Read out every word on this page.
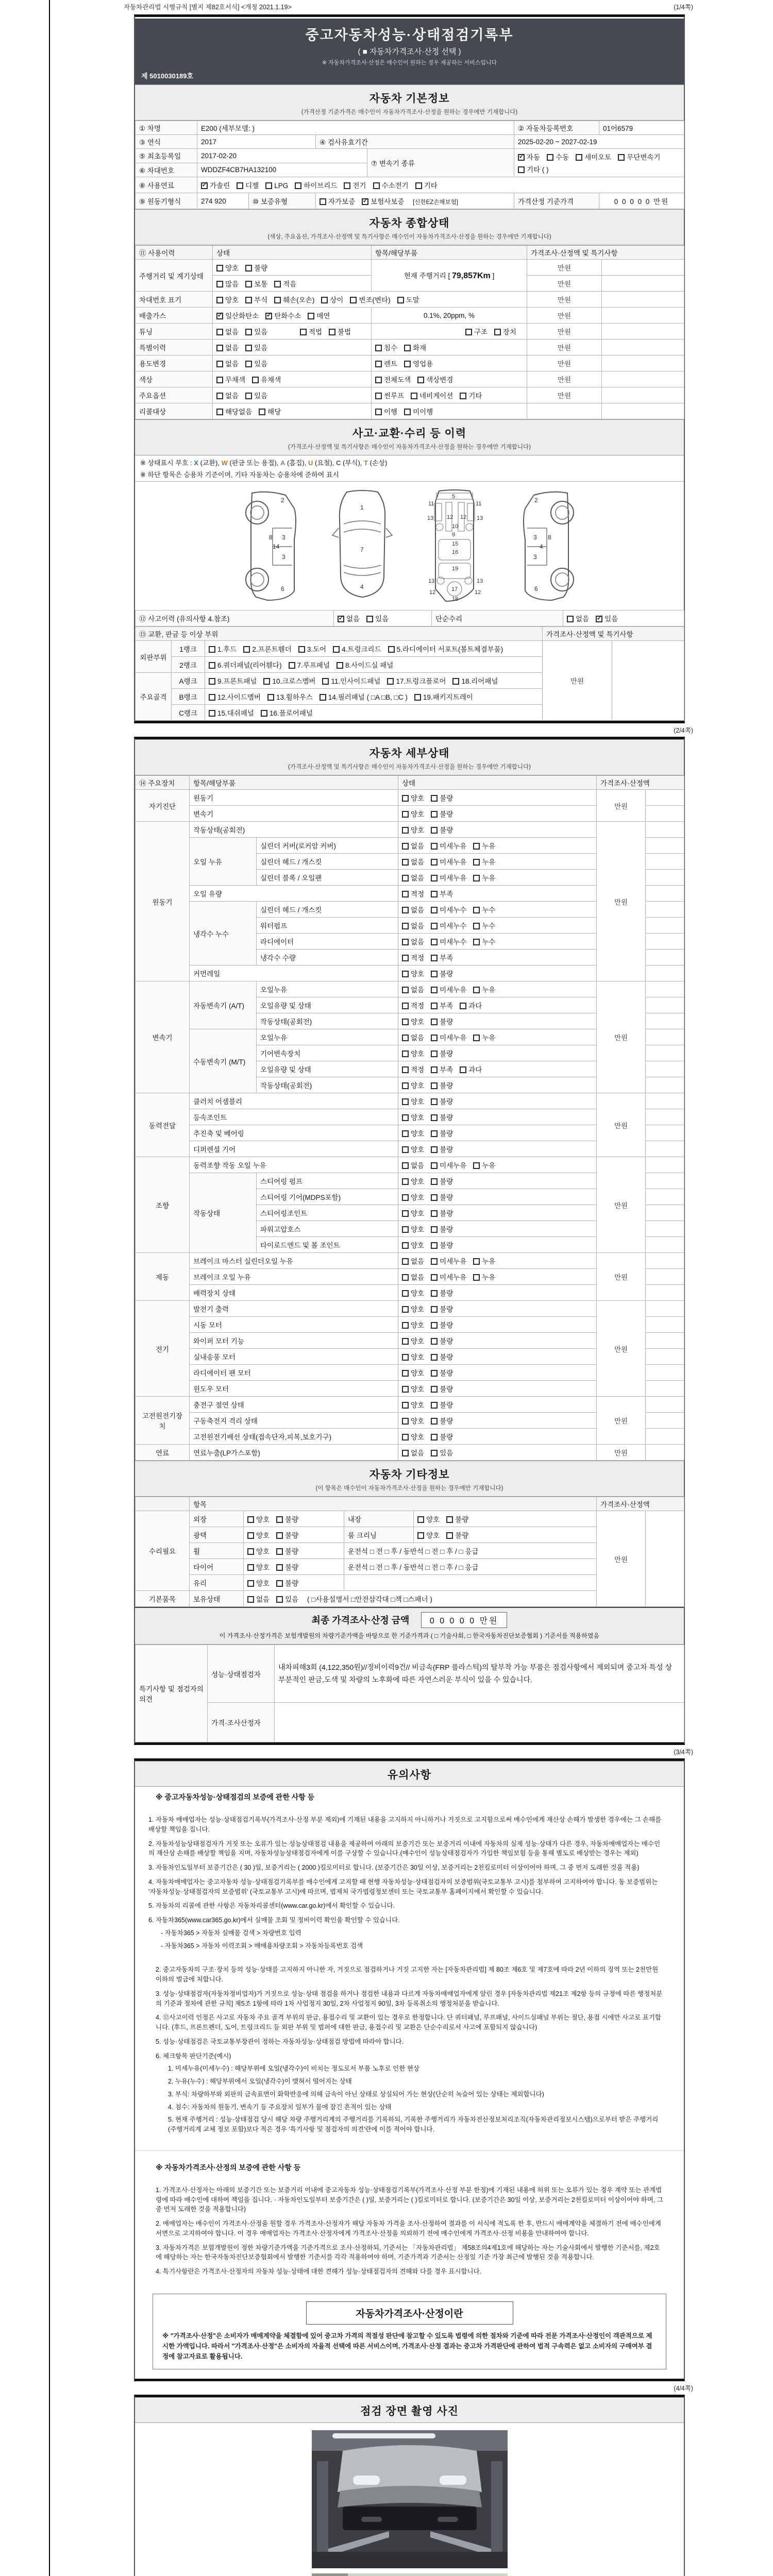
자동차관리법 시행규칙 [별지 제82호서식] <개정 2021.1.19>	(1/4쪽)
중고자동차성능·상태점검기록부
( ■ 자동차가격조사·산정 선택 )
※ 자동차가격조사·산정은 매수인이 원하는 경우 제공하는 서비스입니다
제 5010030189호
자동차 기본정보
(가격산정 기준가격은 매수인이 자동차가격조사·산정을 원하는 경우에만 기재합니다)
① 차명	E200 (세부모델: )				② 자동차등록번호	01어6579
③ 연식	2017		④ 검사유효기간		2025-02-20 ~ 2027-02-19	
⑤ 최초등록일	2017-02-20			⑦ 변속기 종류	✓자동 수동 세미오토 무단변속기기타 ( )
⑥ 차대번호	WDDZF4CB7HA132100					
⑧ 사용연료	✓가솔린 디젤 LPG 하이브리드 전기 수소전기 기타
⑨ 원동기형식	274 920	⑩ 보증유형	자가보증 ✓ 보험사보증 [신한EZ손해보험]		가격산정 기준가격	0 0 0 0 0 만원
자동차 종합상태
(색상, 주요옵션, 가격조사·산정액 및 특기사항은 매수인이 자동차가격조사·산정을 원하는 경우에만 기재합니다)
⑪ 사용이력	상태	항목/해당부품	가격조사·산정액 및 특기사항	
주행거리 및 계기상태	양호 불량	현재 주행거리 [ 79,857Km ]	만원	
	많음 보통 적음		만원	
차대번호 표기	양호 부식 훼손(오손) 상이 변조(변타) 도말		만원	
배출가스	✓일산화탄소 ✓ 탄화수소 매연	0.1%, 20ppm, %	만원	
튜닝	없음 있음 적법 불법	구조 장치	만원	
특별이력	없음 있음	침수 화재	만원	
용도변경	없음 있음	렌트 영업용	만원	
색상	무채색 유채색	전체도색 색상변경	만원	
주요옵션	없음 있음	썬루프 네비게이션 기타	만원	
리콜대상	해당없음 해당	이행 미이행		
사고·교환·수리 등 이력
(가격조사·산정액 및 특기사항은 매수인이 자동차가격조사·산정을 원하는 경우에만 기재합니다)
※ 상태표시 부호 : X (교환), W (판금 또는 용접), A (흠집), U (요철), C (부식), T (손상)
※ 하단 항목은 승용차 기준이며, 기타 자동차는 승용차에 준하여 표시
2
8 3
3
14
6
1
7
4
5
11	11
13	13
12 12
9
15
16
19
13	13
12	12
17
18
10
2
8
3
3
4
6
⑫ 사고이력 (유의사항 4.참조)	✓없음 있음	단순수리	없음 ✓ 있음
⑬ 교환, 판금 등 이상 부위			가격조사·산정액 및 특기사항	
외판부위	1랭크	1.후드 2.프론트휀더 3.도어 4.트렁크리드 5.라디에이터 서포트(볼트체결부품)	만원	
	2랭크	6.쿼더패널(리어휀다) 7.루프패널 8.사이드실 패널		
주요골격	A랭크	9.프론트패널 10.크로스멤버 11.인사이드패널 17.트렁크플로어 18.리어패널		
	B랭크	12.사이드멤버 13.휠하우스 14.필러패널 ( □A □B, □C ) 19.패키지트레이		
	C랭크	15.대쉬패널 16.플로어패널		
(2/4쪽)
자동차 세부상태
(가격조사·산정액 및 특기사항은 매수인이 자동차가격조사·산정을 원하는 경우에만 기재합니다)
⑭ 주요장치	항목/해당부품		상태	가격조사·산정액	
자기진단	원동기		양호 불량	만원	
	변속기		양호 불량		
원동기	작동상태(공회전)		양호 불량	만원	
	오일 누유	실린더 커버(로커암 커버)	없음 미세누유 누유		
		실린더 헤드 / 개스킷	없음 미세누유 누유		
		실린더 블록 / 오일팬	없음 미세누유 누유		
	오일 유량		적정 부족		
	냉각수 누수	실린더 헤드 / 개스킷	없음 미세누수 누수		
		워터펌프	없음 미세누수 누수		
		라디에이터	없음 미세누수 누수		
		냉각수 수량	적정 부족		
	커먼레일		양호 불량		
변속기	자동변속기 (A/T)	오일누유	없음 미세누유 누유	만원	
		오일유량 및 상태	적정 부족 과다		
		작동상태(공회전)	양호 불량		
	수동변속기 (M/T)	오일누유	없음 미세누유 누유		
		기어변속장치	양호 불량		
		오일유량 및 상태	적정 부족 과다		
		작동상태(공회전)	양호 불량		
동력전달	클러치 어셈블리		양호 불량	만원	
	등속조인트		양호 불량		
	추진축 및 베어링		양호 불량		
	디퍼렌셜 기어		양호 불량		
조향	동력조향 작동 오일 누유		없음 미세누유 누유	만원	
	작동상태	스티어링 펌프	양호 불량		
		스티어링 기어(MDPS포함)	양호 불량		
		스티어링조인트	양호 불량		
		파워고압호스	양호 불량		
		타이로드엔드 및 볼 조인트	양호 불량		
제동	브레이크 마스터 실린더오일 누유		없음 미세누유 누유	만원	
	브레이크 오일 누유		없음 미세누유 누유		
	배력장치 상태		양호 불량		
전기	발전기 출력		양호 불량	만원	
	시동 모터		양호 불량		
	와이퍼 모터 기능		양호 불량		
	실내송풍 모터		양호 불량		
	라디에이터 팬 모터		양호 불량		
	윈도우 모터		양호 불량		
고전원전기장치	충전구 절연 상태		양호 불량	만원	
	구동축전지 격리 상태		양호 불량		
	고전원전기배선 상태(접속단자,피복,보호기구)		양호 불량		
연료	연료누출(LP가스포함)		없음 있음	만원	
자동차 기타정보
(이 항목은 매수인이 자동차가격조사·산정을 원하는 경우에만 기재합니다)
	항목				가격조사·산정액	
수리필요	외장	양호 불량	내장	양호 불량	만원	
	광택	양호 불량	룸 크리닝	양호 불량		
	휠	양호 불량	운전석 □ 전 □ 후 / 동반석 □ 전 □ 후 / □ 응급			
	타이어	양호 불량	운전석 □ 전 □ 후 / 동반석 □ 전 □ 후 / □ 응급			
	유리	양호 불량				
기본품목	보유상태	없음 있음 ( □사용설명서 □안전삼각대 □잭 □스패너 )				
최종 가격조사·산정 금액 0 0 0 0 0 만원
이 가격조사·산정가격은 보험개발원의 차량기준가액을 바탕으로 한 기준가격과 ( □ 기술사회, □ 한국자동차진단보증협회 ) 기준서를 적용하였음
특기사항 및 점검자의 의견	성능·상태점검자	내차피해3회 (4,122,350원)//정비이력9건// 비금속(FRP 플라스틱)의 탈부착 가능 부품은 점검사항에서 제외되며 중고차 특성 상 부분적인 판금,도색 및 차량의 노후화에 따른 자연스러운 부식이 있을 수 있습니다.
	가격·조사산정자	
(3/4쪽)
유의사항
※ 중고자동차성능·상태점검의 보증에 관한 사항 등
1. 자동차 매매업자는 성능·상태점검기록부(가격조사·산정 부분 제외)에 기재된 내용을 고지하지 아니하거나 거짓으로 고지함으로써 매수인에게 재산상 손해가 발생한 경우에는 그 손해를 배상할 책임을 집니다.
2. 자동차성능상태점검자가 거짓 또는 오류가 있는 성능상태점검 내용을 제공하여 아래의 보증기간 또는 보증거리 이내에 자동차의 실제 성능·상태가 다른 경우, 자동차매매업자는 매수인의 재산상 손해를 배상할 책임을 지며, 자동차성능상태점검자에게 이를 구상할 수 있습니다.(매수인이 성능상태점검자가 가입한 책임보험 등을 통해 별도로 배상받는 경우는 제외)
3. 자동차인도일부터 보증기간은 ( 30 )일, 보증거리는 ( 2000 )킬로미터로 합니다. (보증기간은 30일 이상, 보증거리는 2천킬로미터 이상이어야 하며, 그 중 먼저 도래한 것을 적용)
4. 자동차매매업자는 중고자동차 성능·상태점검기록부를 매수인에게 고지할 때 현행 자동차성능·상태점검자의 보증범위(국토교통부 고시)를 첨부하여 고지하여야 합니다. 동 보증범위는 '자동차성능·상태점검자의 보증범위' (국토교통부 고시)에 따르며, 법제처 국가법령정보센터 또는 국토교통부 홈페이지에서 확인할 수 있습니다.
5. 자동차의 리콜에 관한 사항은 자동차리콜센터(www.car.go.kr)에서 확인할 수 있습니다.
6. 자동차365(www.car365.go.kr)에서 실매물 조회 및 정비이력 확인을 확인할 수 있습니다.
- 자동차365 > 자동차 실매물 검색 > 차량번호 입력
- 자동차365 > 자동차 이력조회 > 매매용차량조회 > 자동차등록번호 검색
2. 중고자동차의 구조·장치 등의 성능·상태를 고지하지 아니한 자, 거짓으로 점검하거나 거짓 고지한 자는 [자동차관리법] 제 80조 제6호 및 제7호에 따라 2년 이하의 징역 또는 2천만원 이하의 벌금에 처합니다.
3. 성능·상태점검자(자동차정비업자)가 거짓으로 성능·상태 점검을 하거나 점검한 내용과 다르게 자동차매매업자에게 알린 경우 [자동차관리법 제21조 제2항 등의 규정에 따른 행정처분의 기준과 절차에 관한 규칙] 제5조 1항에 따라 1차 사업정지 30일, 2차 사업정지 90일, 3차 등록취소의 행정처분을 받습니다.
4. ⑫사고이력 인정은 사고로 자동차 주요 골격 부위의 판금, 용접수리 및 교환이 있는 경우로 한정합니다. 단 쿼터패널, 루프패널, 사이드실패널 부위는 절단, 용접 시에만 사고로 표기합니다. (후드, 프론트펜더, 도어, 트렁크리드 등 외판 부위 및 범퍼에 대한 판금, 용접수리 및 교환은 단순수리로서 사고에 포함되지 않습니다)
5. 성능·상태점검은 국토교통부장관이 정하는 자동차성능·상태점검 방법에 따라야 합니다.
6. 체크항목 판단기준(예시)
1. 미세누유(미세누수) : 해당부위에 오일(냉각수)이 비치는 정도로서 부품 노후로 인한 현상
2. 누유(누수) : 해당부위에서 오일(냉각수)이 맺혀서 떨어지는 상태
3. 부식: 차량하부와 외판의 금속표면이 화학반응에 의해 금속이 아닌 상태로 상실되어 가는 현상(단순히 녹슬어 있는 상태는 제외합니다)
4. 침수: 자동차의 원동기, 변속기 등 주요장치 일부가 물에 잠긴 흔적이 있는 상태
5. 현재 주행거리 : 성능·상태점검 당시 해당 차량 주행거리계의 주행거리를 기록하되, 기록한 주행거리가 자동차전산정보처리조직(자동차관리정보시스템)으로부터 받은 주행거리(주행거리계 교체 정보 포함)보다 적은 경우 '특기사항 및 점검자의 의견'란에 이를 적어야 합니다.
※ 자동차가격조사·산정의 보증에 관한 사항 등
1. 가격조사·산정자는 아래의 보증기간 또는 보증거리 이내에 중고자동차 성능·상태점검기록부(가격조사·산정 부분 한정)에 기재된 내용에 허위 또는 오류가 있는 경우 계약 또는 관계법령에 따라 매수인에 대하여 책임을 집니다. · 자동차인도일부터 보증기간은 ( )일, 보증거리는 ( )킬로미터로 합니다. (보증기간은 30일 이상, 보증거리는 2천킬로미터 이상이어야 하며, 그 중 먼저 도래한 것을 적용합니다)
2. 매매업자는 매수인이 가격조사·산정을 원할 경우 가격조사·산정자가 해당 자동차 가격을 조사·산정하여 결과를 이 서식에 적도록 한 후, 반드시 매매계약을 체결하기 전에 매수인에게 서면으로 고지하여야 합니다. 이 경우 매매업자는 가격조사·산정자에게 가격조사·산정을 의뢰하기 전에 매수인에게 가격조사·산정 비용을 안내하여야 합니다.
3. 자동차가격은 보험개발원이 정한 차량기준가액을 기준가격으로 조사·산정하되, 기준서는 「자동차관리법」 제58조의4제1호에 해당하는 자는 기술사회에서 발행한 기준서를, 제2호에 해당하는 자는 한국자동차진단보증협회에서 발행한 기준서를 각각 적용하여야 하며, 기준가격과 기준서는 산정일 기준 가장 최근에 발행된 것을 적용합니다.
4. 특기사항란은 가격조사·산정자의 자동차 성능·상태에 대한 견해가 성능·상태점검자의 견해와 다를 경우 표시합니다.
자동차가격조사·산정이란
※ "가격조사·산정"은 소비자가 매매계약을 체결함에 있어 중고차 가격의 적절성 판단에 참고할 수 있도록 법령에 의한 절차와 기준에 따라 전문 가격조사·산정인이 객관적으로 제시한 가액입니다. 따라서 "가격조사·산정"은 소비자의 자율적 선택에 따른 서비스이며, 가격조사·산정 결과는 중고차 가격판단에 관하여 법적 구속력은 없고 소비자의 구매여부 결정에 참고자료로 활용됩니다.
(4/4쪽)
점검 장면 촬영 사진
